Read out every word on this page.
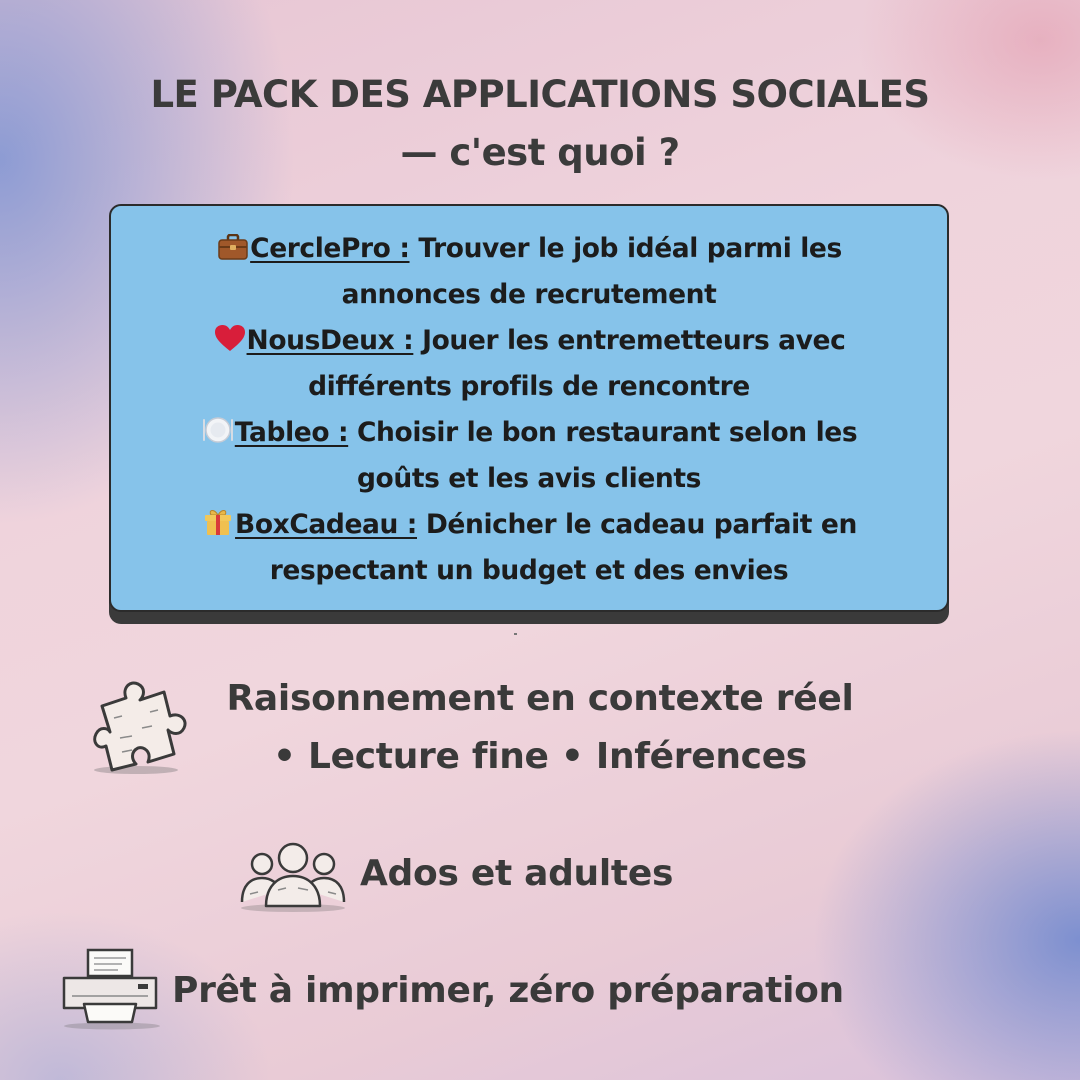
LE PACK DES APPLICATIONS SOCIALES
— c'est quoi ?
CerclePro : Trouver le job idéal parmi les
annonces de recrutement
NousDeux : Jouer les entremetteurs avec
différents profils de rencontre
Tableo : Choisir le bon restaurant selon les
goûts et les avis clients
BoxCadeau : Dénicher le cadeau parfait en
respectant un budget et des envies
Raisonnement en contexte réel
• Lecture fine • Inférences
Ados et adultes
Prêt à imprimer, zéro préparation
